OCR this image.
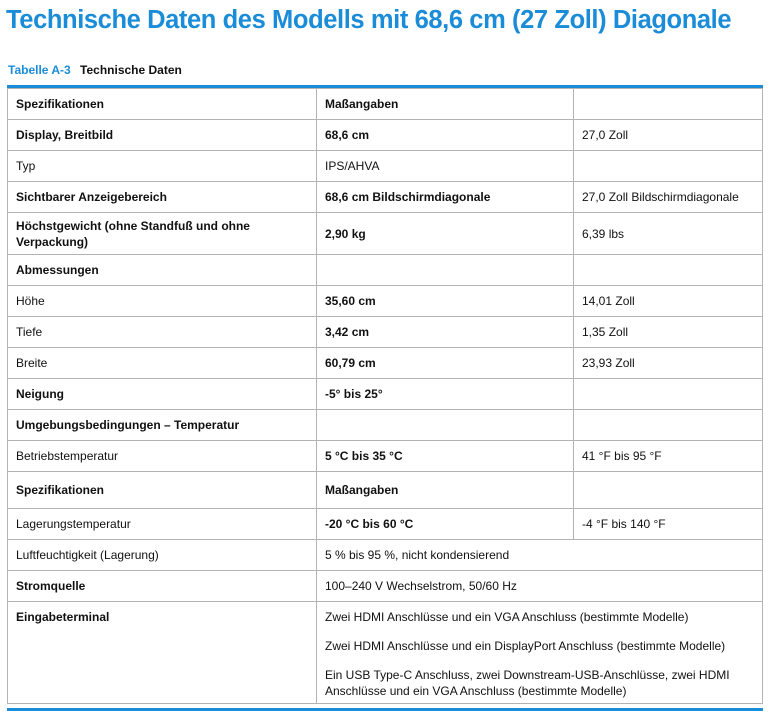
Technische Daten des Modells mit 68,6 cm (27 Zoll) Diagonale
Tabelle A-3 Technische Daten
Spezifikationen	Maßangaben	
Display, Breitbild	68,6 cm	27,0 Zoll
Typ	IPS/AHVA	
Sichtbarer Anzeigebereich	68,6 cm Bildschirmdiagonale	27,0 Zoll Bildschirmdiagonale
Höchstgewicht (ohne Standfuß und ohne Verpackung)	2,90 kg	6,39 lbs
Abmessungen		
Höhe	35,60 cm	14,01 Zoll
Tiefe	3,42 cm	1,35 Zoll
Breite	60,79 cm	23,93 Zoll
Neigung	-5° bis 25°	
Umgebungsbedingungen – Temperatur		
Betriebstemperatur	5 °C bis 35 °C	41 °F bis 95 °F
Spezifikationen	Maßangaben	
Lagerungstemperatur	-20 °C bis 60 °C	-4 °F bis 140 °F
Luftfeuchtigkeit (Lagerung)	5 % bis 95 %, nicht kondensierend	
Stromquelle	100–240 V Wechselstrom, 50/60 Hz	
Eingabeterminal	Zwei HDMI Anschlüsse und ein VGA Anschluss (bestimmte Modelle)
Zwei HDMI Anschlüsse und ein DisplayPort Anschluss (bestimmte Modelle)
Ein USB Type-C Anschluss, zwei Downstream-USB-Anschlüsse, zwei HDMI Anschlüsse und ein VGA Anschluss (bestimmte Modelle)	
